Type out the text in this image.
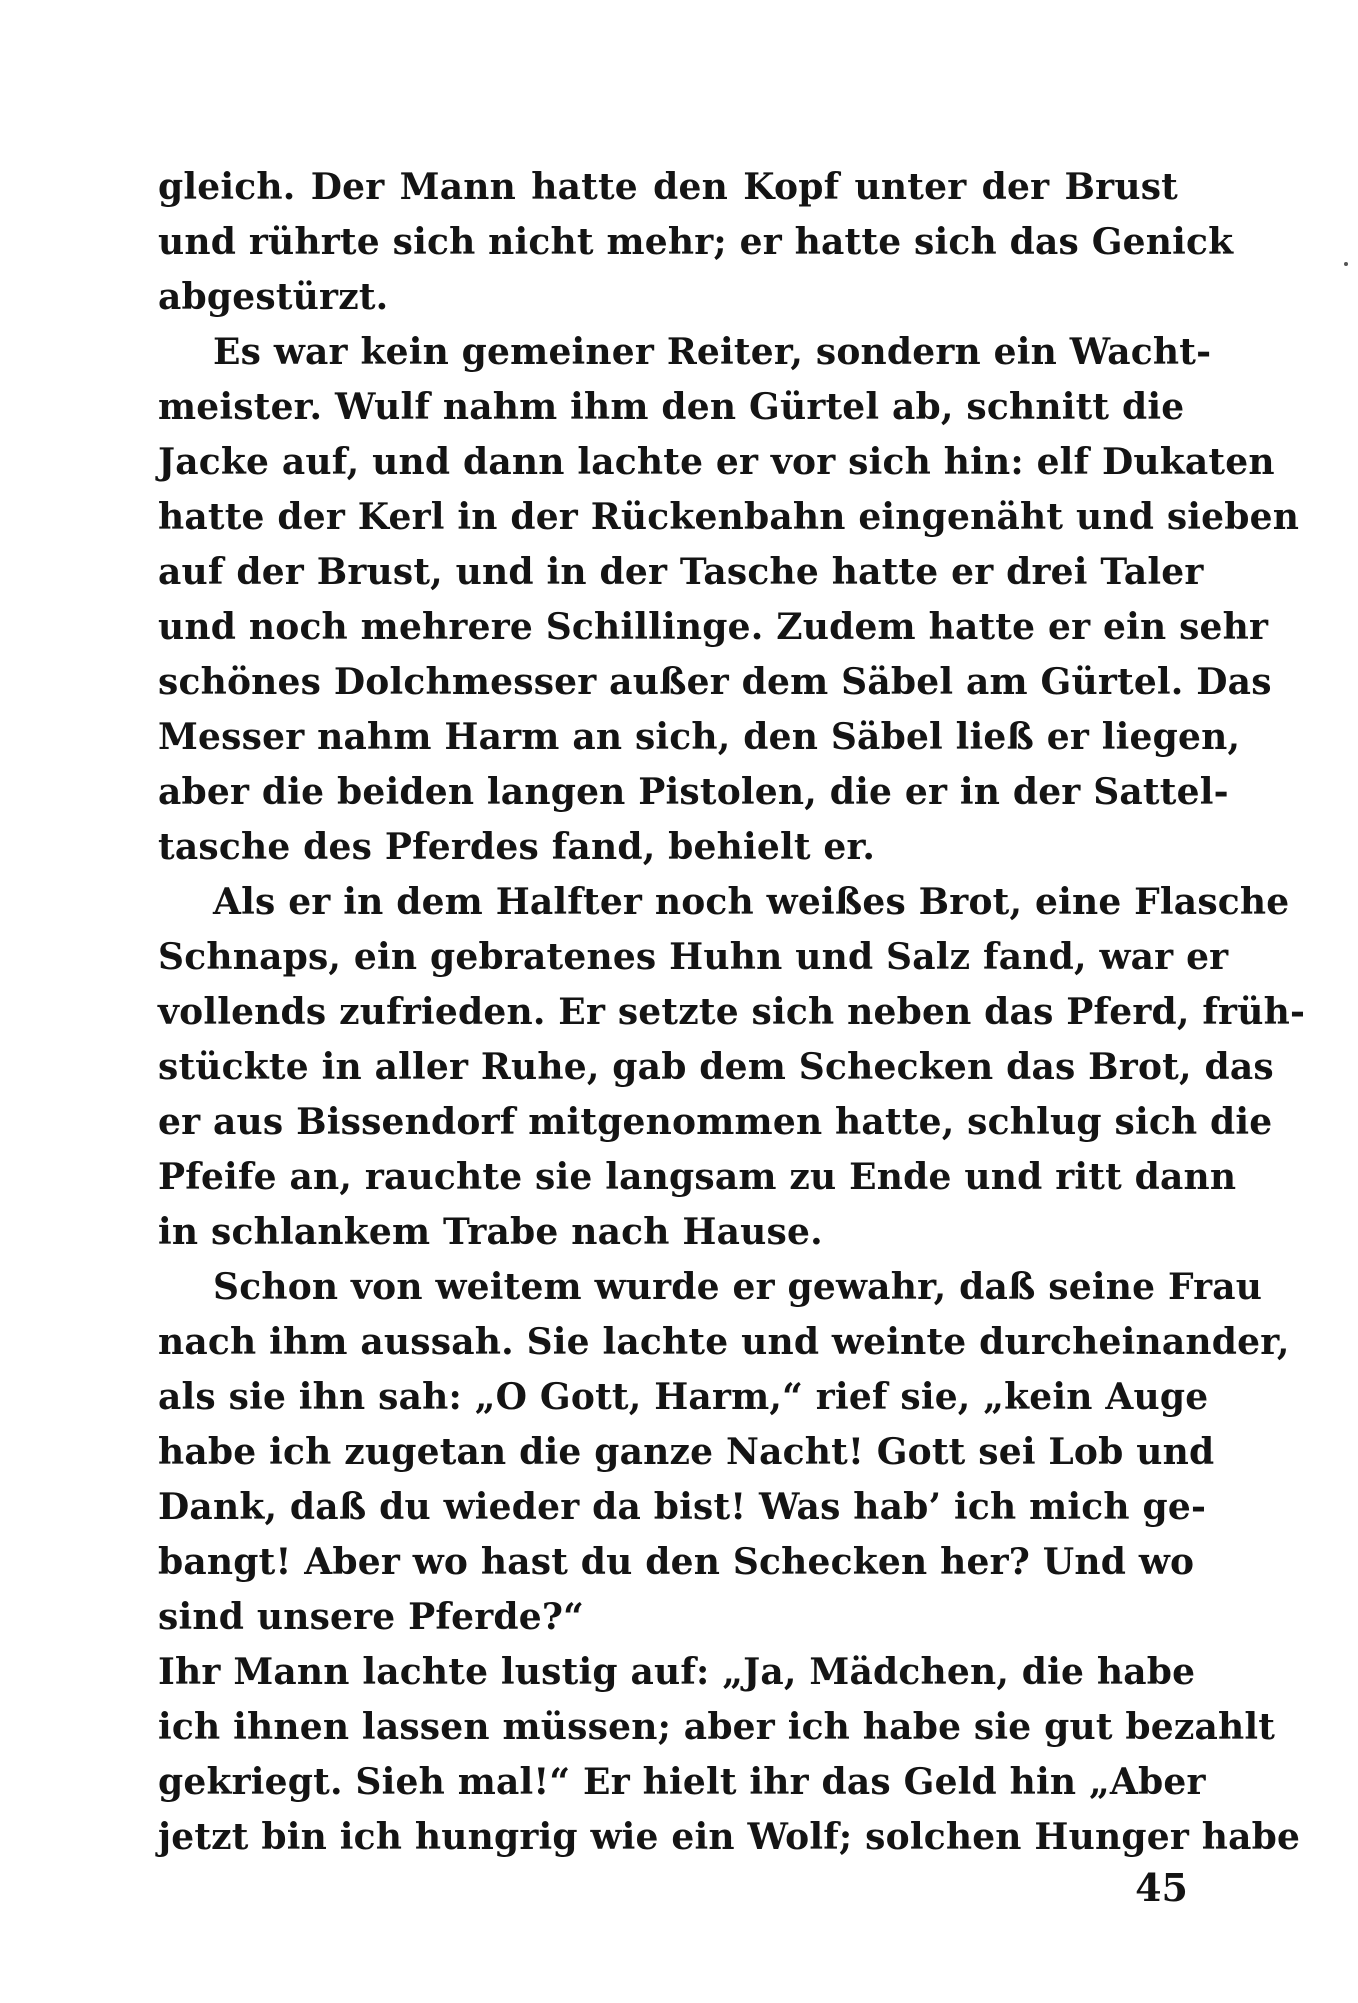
gleich. Der Mann hatte den Kopf unter der Brust
und rührte sich nicht mehr; er hatte sich das Genick
abgestürzt.
Es war kein gemeiner Reiter, sondern ein Wacht-
meister. Wulf nahm ihm den Gürtel ab, schnitt die
Jacke auf, und dann lachte er vor sich hin: elf Dukaten
hatte der Kerl in der Rückenbahn eingenäht und sieben
auf der Brust, und in der Tasche hatte er drei Taler
und noch mehrere Schillinge. Zudem hatte er ein sehr
schönes Dolchmesser außer dem Säbel am Gürtel. Das
Messer nahm Harm an sich, den Säbel ließ er liegen,
aber die beiden langen Pistolen, die er in der Sattel-
tasche des Pferdes fand, behielt er.
Als er in dem Halfter noch weißes Brot, eine Flasche
Schnaps, ein gebratenes Huhn und Salz fand, war er
vollends zufrieden. Er setzte sich neben das Pferd, früh-
stückte in aller Ruhe, gab dem Schecken das Brot, das
er aus Bissendorf mitgenommen hatte, schlug sich die
Pfeife an, rauchte sie langsam zu Ende und ritt dann
in schlankem Trabe nach Hause.
Schon von weitem wurde er gewahr, daß seine Frau
nach ihm aussah. Sie lachte und weinte durcheinander,
als sie ihn sah: „O Gott, Harm,“ rief sie, „kein Auge
habe ich zugetan die ganze Nacht! Gott sei Lob und
Dank, daß du wieder da bist! Was hab’ ich mich ge-
bangt! Aber wo hast du den Schecken her? Und wo
sind unsere Pferde?“
Ihr Mann lachte lustig auf: „Ja, Mädchen, die habe
ich ihnen lassen müssen; aber ich habe sie gut bezahlt
gekriegt. Sieh mal!“ Er hielt ihr das Geld hin „Aber
jetzt bin ich hungrig wie ein Wolf; solchen Hunger habe
45
